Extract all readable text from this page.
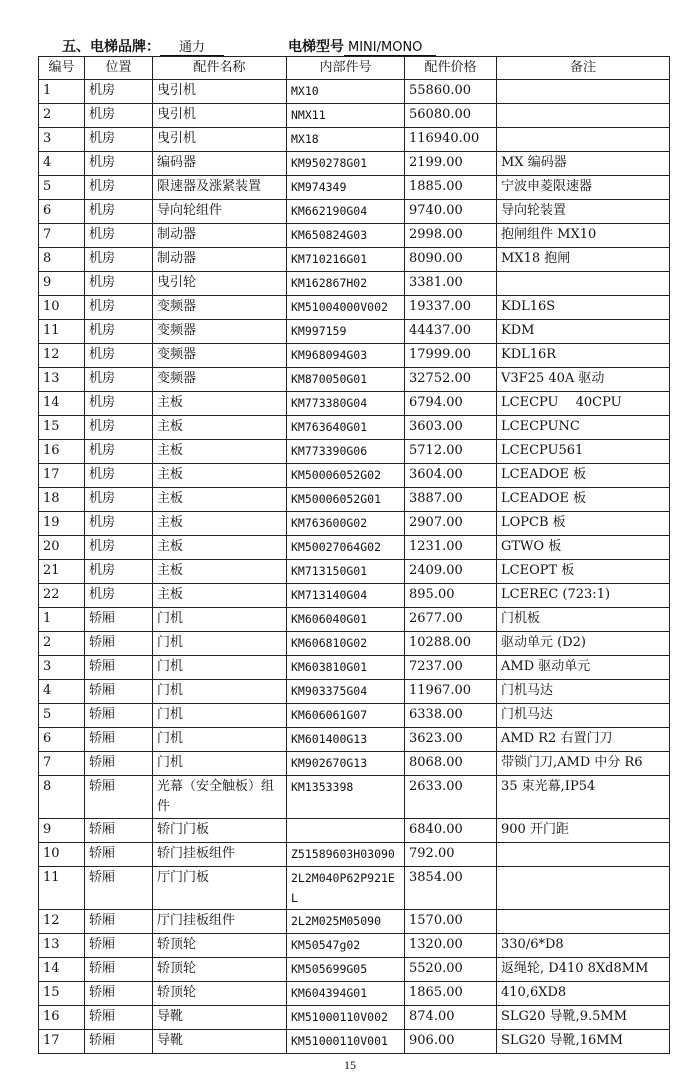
五、电梯品牌： 通力	电梯型号 MINI/MONO
编号	位置	配件名称	内部件号	配件价格	备注
1	机房	曳引机	MX10	55860.00	
2	机房	曳引机	NMX11	56080.00	
3	机房	曳引机	MX18	116940.00	
4	机房	编码器	KM950278G01	2199.00	MX 编码器
5	机房	限速器及涨紧装置	KM974349	1885.00	宁波申菱限速器
6	机房	导向轮组件	KM662190G04	9740.00	导向轮装置
7	机房	制动器	KM650824G03	2998.00	抱闸组件 MX10
8	机房	制动器	KM710216G01	8090.00	MX18 抱闸
9	机房	曳引轮	KM162867H02	3381.00	
10	机房	变频器	KM51004000V002	19337.00	KDL16S
11	机房	变频器	KM997159	44437.00	KDM
12	机房	变频器	KM968094G03	17999.00	KDL16R
13	机房	变频器	KM870050G01	32752.00	V3F25 40A 驱动
14	机房	主板	KM773380G04	6794.00	LCECPU　 40CPU
15	机房	主板	KM763640G01	3603.00	LCECPUNC
16	机房	主板	KM773390G06	5712.00	LCECPU561
17	机房	主板	KM50006052G02	3604.00	LCEADOE 板
18	机房	主板	KM50006052G01	3887.00	LCEADOE 板
19	机房	主板	KM763600G02	2907.00	LOPCB 板
20	机房	主板	KM50027064G02	1231.00	GTWO 板
21	机房	主板	KM713150G01	2409.00	LCEOPT 板
22	机房	主板	KM713140G04	895.00	LCEREC (723:1)
1	轿厢	门机	KM606040G01	2677.00	门机板
2	轿厢	门机	KM606810G02	10288.00	驱动单元 (D2)
3	轿厢	门机	KM603810G01	7237.00	AMD 驱动单元
4	轿厢	门机	KM903375G04	11967.00	门机马达
5	轿厢	门机	KM606061G07	6338.00	门机马达
6	轿厢	门机	KM601400G13	3623.00	AMD R2 右置门刀
7	轿厢	门机	KM902670G13	8068.00	带锁门刀,AMD 中分 R6
8	轿厢	光幕（安全触板）组件	KM1353398	2633.00	35 束光幕,IP54
9	轿厢	轿门门板		6840.00	900 开门距
10	轿厢	轿门挂板组件	Z51589603H03090	792.00	
11	轿厢	厅门门板	2L2M040P62P921EL	3854.00	
12	轿厢	厅门挂板组件	2L2M025M05090	1570.00	
13	轿厢	轿顶轮	KM50547g02	1320.00	330/6*D8
14	轿厢	轿顶轮	KM505699G05	5520.00	返绳轮, D410 8Xd8MM
15	轿厢	轿顶轮	KM604394G01	1865.00	410,6XD8
16	轿厢	导靴	KM51000110V002	874.00	SLG20 导靴,9.5MM
17	轿厢	导靴	KM51000110V001	906.00	SLG20 导靴,16MM
15
